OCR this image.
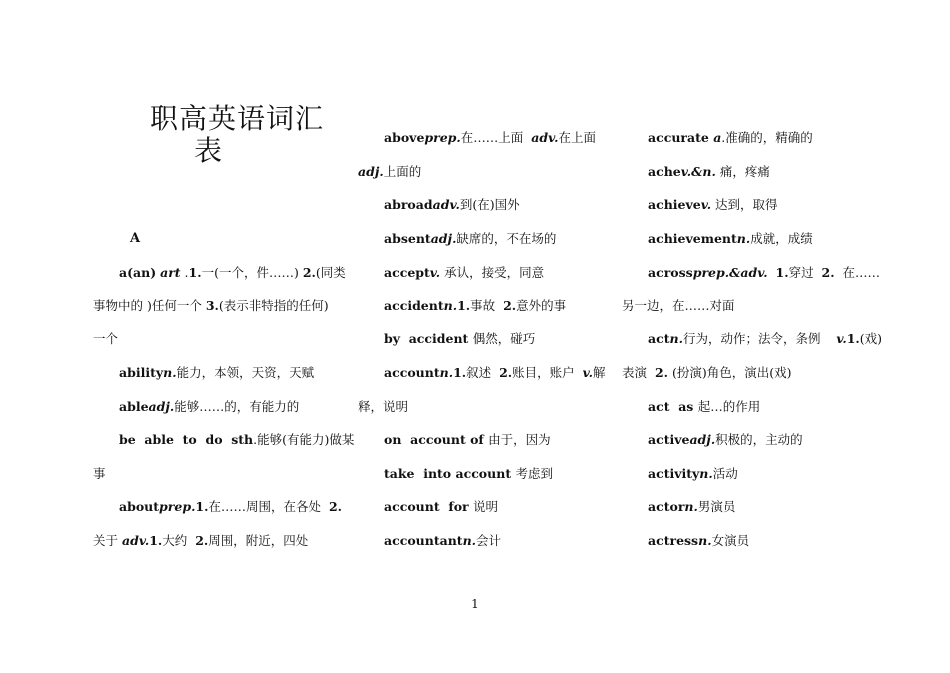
职高英语词汇
表
A
a(an)
art . 1. 一(一个，件……) 2. (同类
事物中的 )任何一个 3.(表示非特指的任何)
一个
abilityn.能力，本领，天资，天赋
ableadj.能够……的，有能力的
be  able  to  do  sth.能够(有能力)做某
事
about prep. 1. 在……周围，在各处 2.
关于 adv.1.大约  2.周围，附近，四处
aboveprep.在……上面  adv.在上面
adj.上面的
abroadadv.到(在)国外
absentadj.缺席的，不在场的
acceptv. 承认，接受，同意
accidentn.1.事故  2.意外的事
by  accident 偶然，碰巧
account n. 1. 叙述 2. 账目，账户 v. 解
释，说明
on  account of 由于，因为
take  into account 考虑到
account  for 说明
accountantn.会计
accurate a.准确的，精确的
achev.&n. 痛，疼痛
achievev. 达到，取得
achievementn.成就，成绩
across prep.&adv.
1. 穿过 2. 在……
另一边，在……对面
act n. 行为，动作；法令，条例 v. 1. (戏)
表演  2. (扮演)角色，演出(戏)
act  as 起…的作用
activeadj.积极的，主动的
activityn.活动
actorn.男演员
actressn.女演员
1
